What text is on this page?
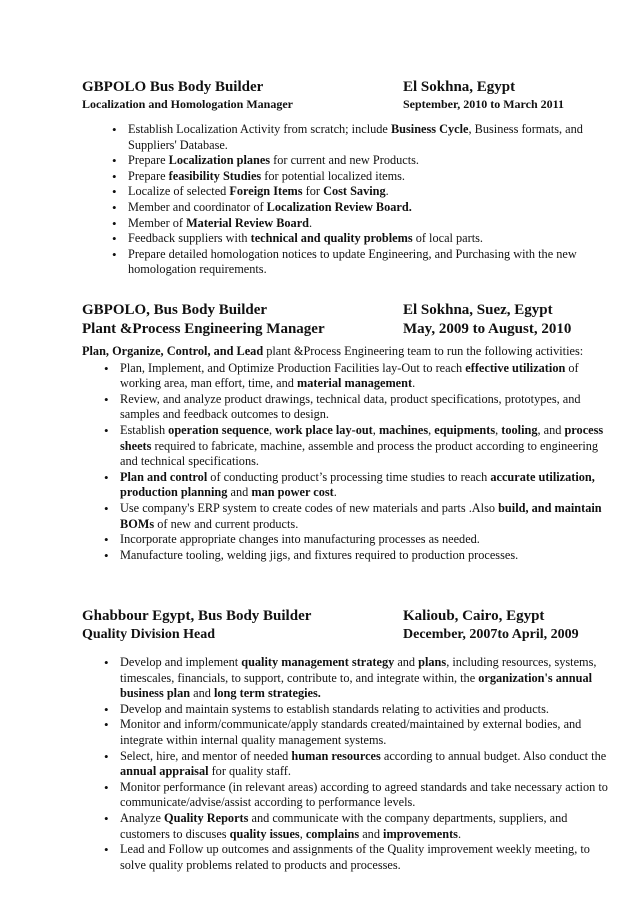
GBPOLO Bus Body Builder	El Sokhna, Egypt
Localization and Homologation Manager	September, 2010 to March 2011
• Establish Localization Activity from scratch; include Business Cycle, Business formats, and Suppliers' Database.
• Prepare Localization planes for current and new Products.
• Prepare feasibility Studies for potential localized items.
• Localize of selected Foreign Items for Cost Saving.
• Member and coordinator of Localization Review Board.
• Member of Material Review Board.
• Feedback suppliers with technical and quality problems of local parts.
• Prepare detailed homologation notices to update Engineering, and Purchasing with the new homologation requirements.
GBPOLO, Bus Body Builder	El Sokhna, Suez, Egypt
Plant &Process Engineering Manager	May, 2009 to August, 2010

Plan, Organize, Control, and Lead plant &Process Engineering team to run the following activities:

• Plan, Implement, and Optimize Production Facilities lay-Out to reach effective utilization of working area, man effort, time, and material management.
• Review, and analyze product drawings, technical data, product specifications, prototypes, and samples and feedback outcomes to design.
• Establish operation sequence, work place lay-out, machines, equipments, tooling, and process sheets required to fabricate, machine, assemble and process the product according to engineering and technical specifications.
• Plan and control of conducting product’s processing time studies to reach accurate utilization, production planning and man power cost.
• Use company's ERP system to create codes of new materials and parts .Also build, and maintain BOMs of new and current products.
• Incorporate appropriate changes into manufacturing processes as needed.
• Manufacture tooling, welding jigs, and fixtures required to production processes.
Ghabbour Egypt, Bus Body Builder	Kalioub, Cairo, Egypt
Quality Division Head	December, 2007to April, 2009
• Develop and implement quality management strategy and plans, including resources, systems, timescales, financials, to support, contribute to, and integrate within, the organization's annual business plan and long term strategies.
• Develop and maintain systems to establish standards relating to activities and products.
• Monitor and inform/communicate/apply standards created/maintained by external bodies, and integrate within internal quality management systems.
• Select, hire, and mentor of needed human resources according to annual budget. Also conduct the annual appraisal for quality staff.
• Monitor performance (in relevant areas) according to agreed standards and take necessary action to communicate/advise/assist according to performance levels.
• Analyze Quality Reports and communicate with the company departments, suppliers, and customers to discuses quality issues, complains and improvements.
• Lead and Follow up outcomes and assignments of the Quality improvement weekly meeting, to solve quality problems related to products and processes.
